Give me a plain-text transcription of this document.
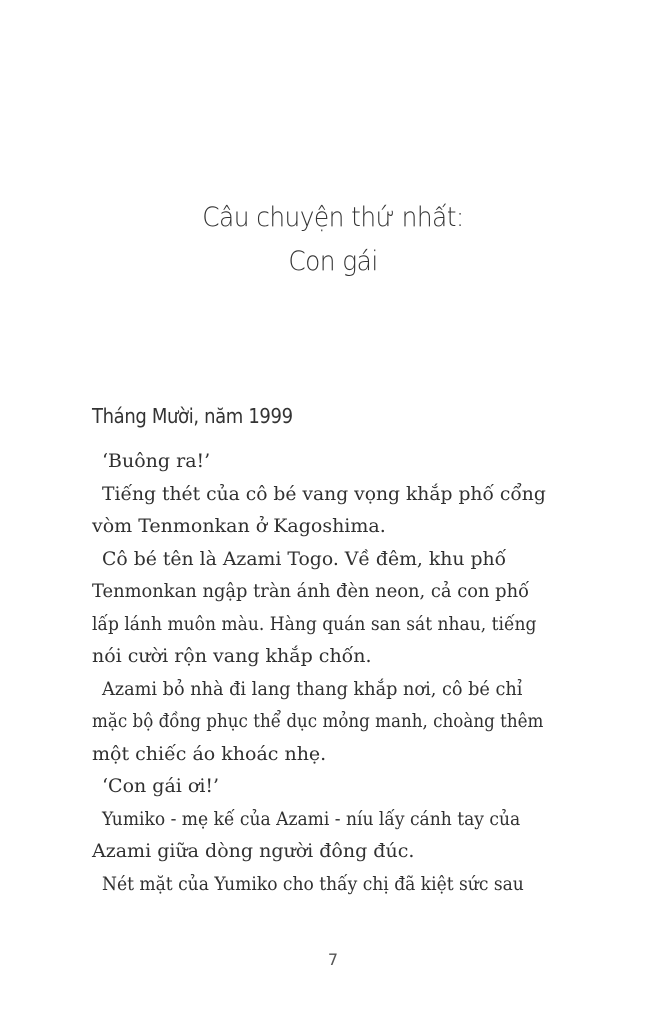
Câu chuyện thứ nhất:
Con gái
Tháng Mười, năm 1999
‘Buông ra!’
Tiếng thét của cô bé vang vọng khắp phố cổng
vòm Tenmonkan ở Kagoshima.
Cô bé tên là Azami Togo. Về đêm, khu phố
Tenmonkan ngập tràn ánh đèn neon, cả con phố
lấp lánh muôn màu. Hàng quán san sát nhau, tiếng
nói cười rộn vang khắp chốn.
Azami bỏ nhà đi lang thang khắp nơi, cô bé chỉ
mặc bộ đồng phục thể dục mỏng manh, choàng thêm
một chiếc áo khoác nhẹ.
‘Con gái ơi!’
Yumiko - mẹ kế của Azami - níu lấy cánh tay của
Azami giữa dòng người đông đúc.
Nét mặt của Yumiko cho thấy chị đã kiệt sức sau
7
